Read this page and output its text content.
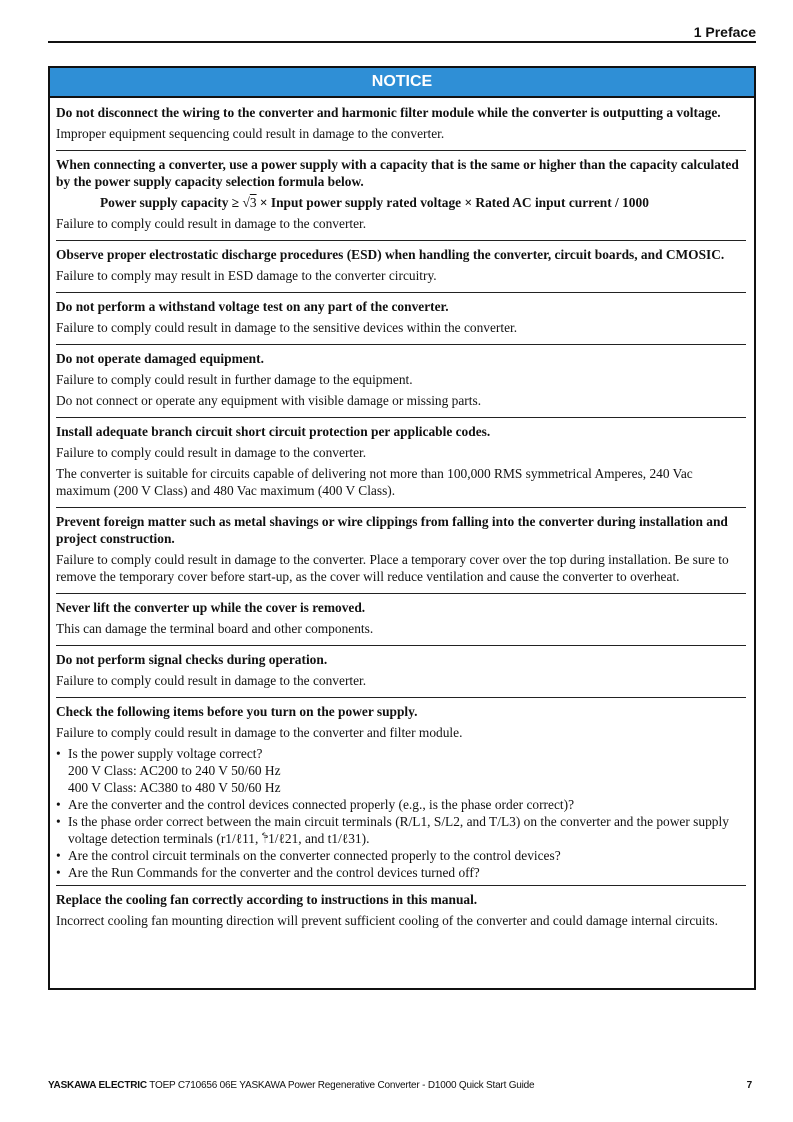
1 Preface
NOTICE
Do not disconnect the wiring to the converter and harmonic filter module while the converter is outputting a voltage.
Improper equipment sequencing could result in damage to the converter.
When connecting a converter, use a power supply with a capacity that is the same or higher than the capacity calculated by the power supply capacity selection formula below.
Power supply capacity ≥ √3 × Input power supply rated voltage × Rated AC input current / 1000
Failure to comply could result in damage to the converter.
Observe proper electrostatic discharge procedures (ESD) when handling the converter, circuit boards, and CMOSIC.
Failure to comply may result in ESD damage to the converter circuitry.
Do not perform a withstand voltage test on any part of the converter.
Failure to comply could result in damage to the sensitive devices within the converter.
Do not operate damaged equipment.
Failure to comply could result in further damage to the equipment.
Do not connect or operate any equipment with visible damage or missing parts.
Install adequate branch circuit short circuit protection per applicable codes.
Failure to comply could result in damage to the converter.
The converter is suitable for circuits capable of delivering not more than 100,000 RMS symmetrical Amperes, 240 Vac maximum (200 V Class) and 480 Vac maximum (400 V Class).
Prevent foreign matter such as metal shavings or wire clippings from falling into the converter during installation and project construction.
Failure to comply could result in damage to the converter. Place a temporary cover over the top during installation. Be sure to remove the temporary cover before start-up, as the cover will reduce ventilation and cause the converter to overheat.
Never lift the converter up while the cover is removed.
This can damage the terminal board and other components.
Do not perform signal checks during operation.
Failure to comply could result in damage to the converter.
Check the following items before you turn on the power supply.
Failure to comply could result in damage to the converter and filter module.
• Is the power supply voltage correct?
200 V Class: AC200 to 240 V 50/60 Hz
400 V Class: AC380 to 480 V 50/60 Hz
• Are the converter and the control devices connected properly (e.g., is the phase order correct)?
• Is the phase order correct between the main circuit terminals (R/L1, S/L2, and T/L3) on the converter and the power supply voltage detection terminals (r1/ℓ11, ෦1/ℓ21, and t1/ℓ31).
• Are the control circuit terminals on the converter connected properly to the control devices?
• Are the Run Commands for the converter and the control devices turned off?
Replace the cooling fan correctly according to instructions in this manual.
Incorrect cooling fan mounting direction will prevent sufficient cooling of the converter and could damage internal circuits.
YASKAWA ELECTRIC TOEP C710656 06E YASKAWA Power Regenerative Converter - D1000 Quick Start Guide	7
